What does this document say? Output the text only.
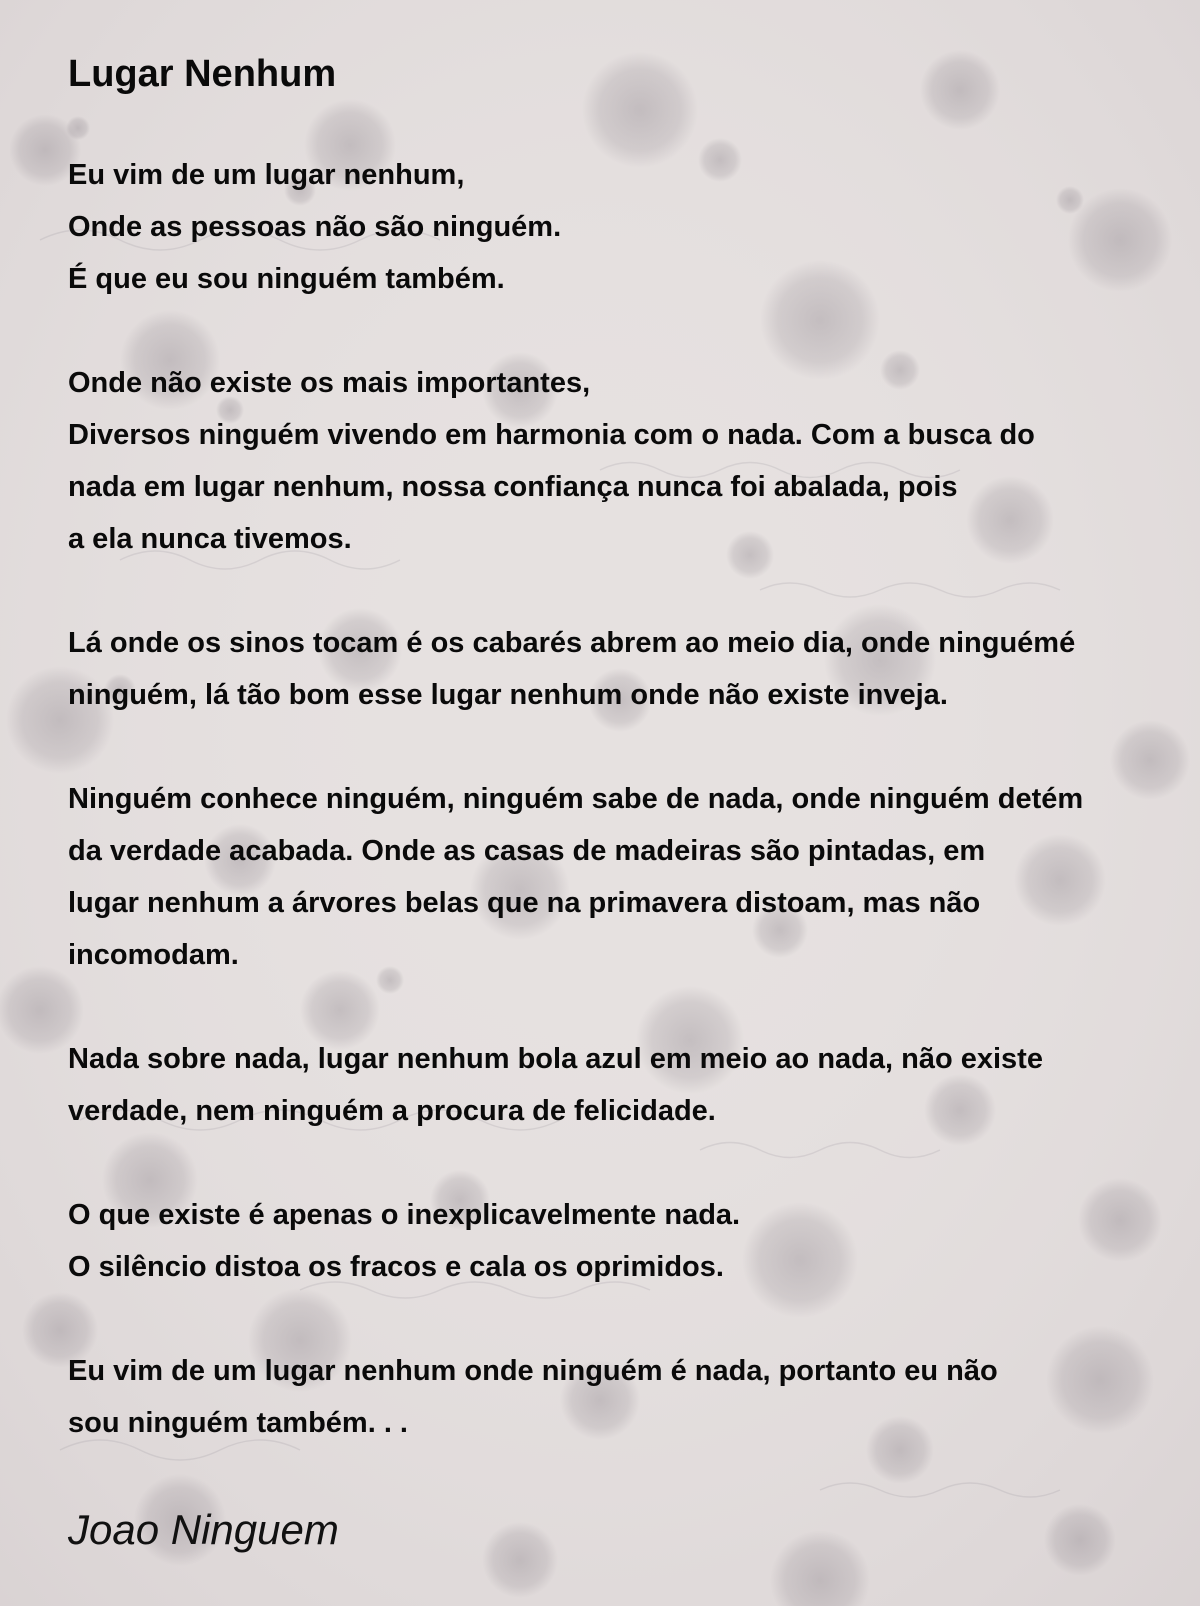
Lugar Nenhum

Eu vim de um lugar nenhum,

Onde as pessoas não são ninguém.

É que eu sou ninguém também.

Onde não existe os mais importantes,

Diversos ninguém vivendo em harmonia com o nada. Com a busca do

nada em lugar nenhum, nossa confiança nunca foi abalada, pois

a ela nunca tivemos.

Lá onde os sinos tocam é os cabarés abrem ao meio dia, onde ninguémé

ninguém, lá tão bom esse lugar nenhum onde não existe inveja.

Ninguém conhece ninguém, ninguém sabe de nada, onde ninguém detém

da verdade acabada. Onde as casas de madeiras são pintadas, em

lugar nenhum a árvores belas que na primavera distoam, mas não

incomodam.

Nada sobre nada, lugar nenhum bola azul em meio ao nada, não existe

verdade, nem ninguém a procura de felicidade.

O que existe é apenas o inexplicavelmente nada.

O silêncio distoa os fracos e cala os oprimidos.

Eu vim de um lugar nenhum onde ninguém é nada, portanto eu não

sou ninguém também. . .

Joao Ninguem
